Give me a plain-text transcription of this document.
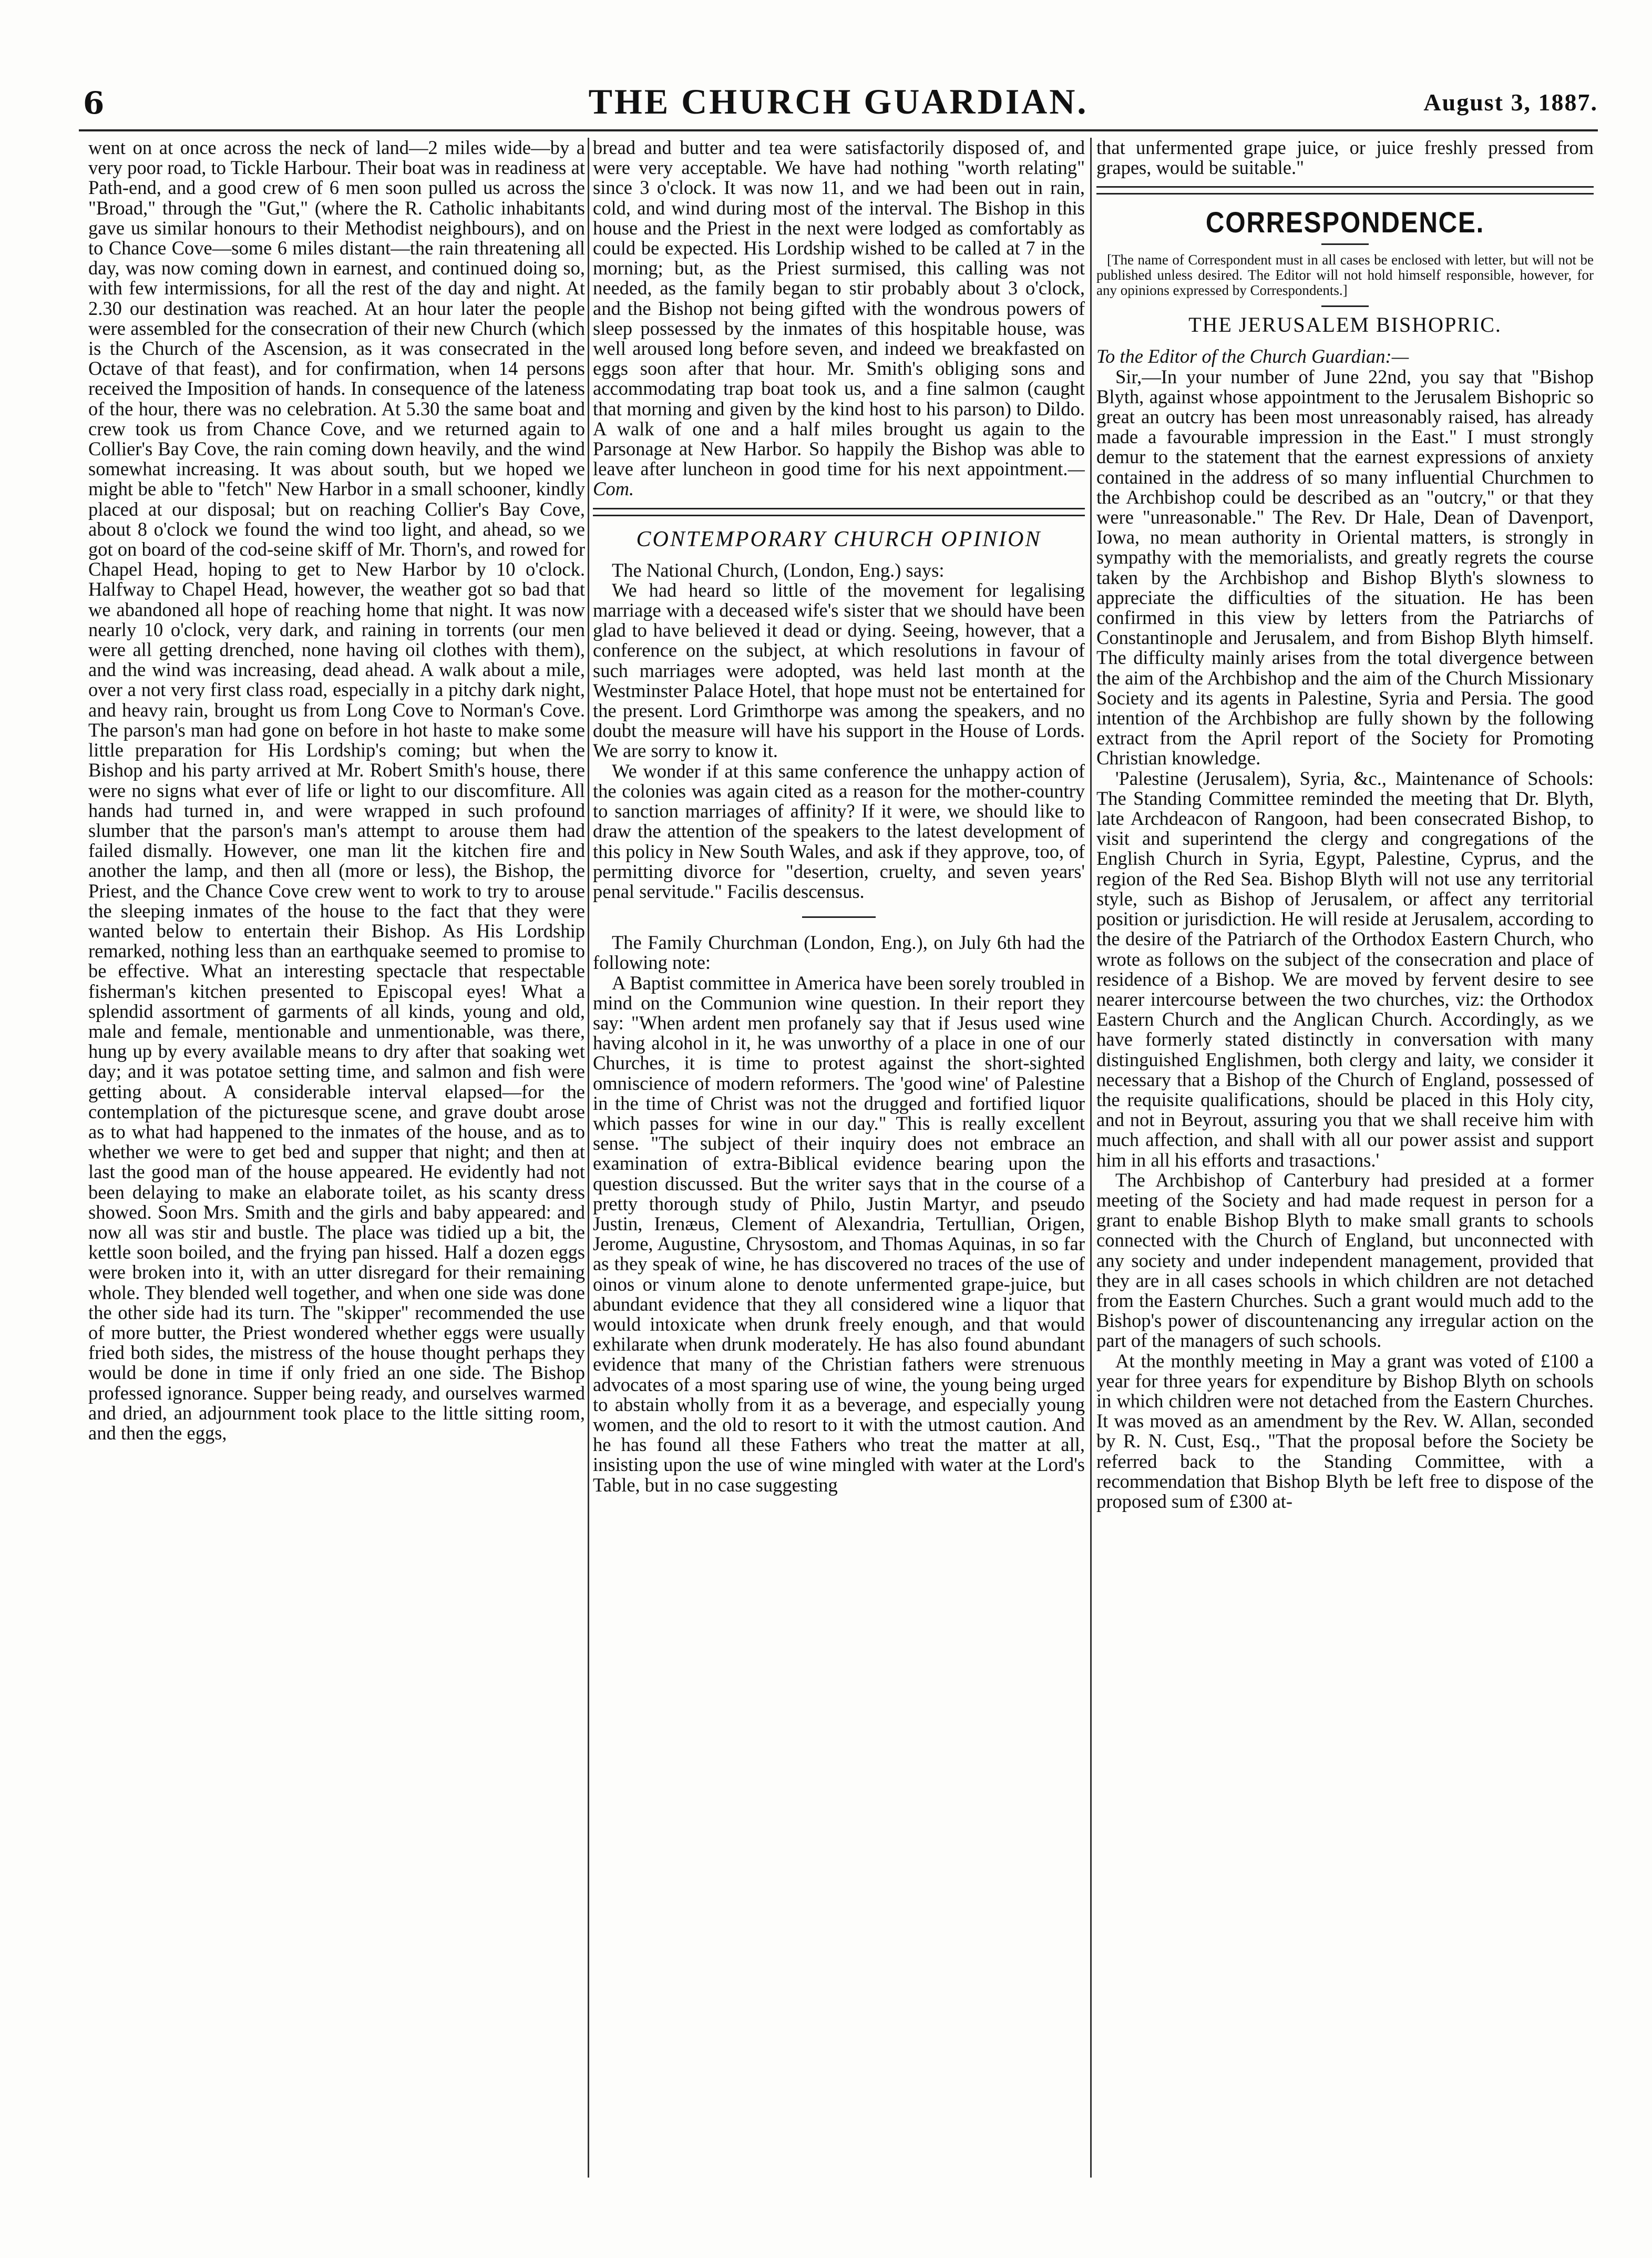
6	THE CHURCH GUARDIAN.	August 3, 1887.

went on at once across the neck of land—2 miles wide—by a very poor road, to Tickle Harbour. Their boat was in readiness at Path-end, and a good crew of 6 men soon pulled us across the "Broad," through the "Gut," (where the R. Catholic inhabitants gave us similar honours to their Methodist neighbours), and on to Chance Cove—some 6 miles distant—the rain threatening all day, was now coming down in earnest, and continued doing so, with few intermissions, for all the rest of the day and night. At 2.30 our destination was reached. At an hour later the people were assembled for the consecration of their new Church (which is the Church of the Ascension, as it was consecrated in the Octave of that feast), and for confirmation, when 14 persons received the Imposition of hands. In consequence of the lateness of the hour, there was no celebration. At 5.30 the same boat and crew took us from Chance Cove, and we returned again to Collier's Bay Cove, the rain coming down heavily, and the wind somewhat increasing. It was about south, but we hoped we might be able to "fetch" New Harbor in a small schooner, kindly placed at our disposal; but on reaching Collier's Bay Cove, about 8 o'clock we found the wind too light, and ahead, so we got on board of the cod-seine skiff of Mr. Thorn's, and rowed for Chapel Head, hoping to get to New Harbor by 10 o'clock. Halfway to Chapel Head, however, the weather got so bad that we abandoned all hope of reaching home that night. It was now nearly 10 o'clock, very dark, and raining in torrents (our men were all getting drenched, none having oil clothes with them), and the wind was increasing, dead ahead. A walk about a mile, over a not very first class road, especially in a pitchy dark night, and heavy rain, brought us from Long Cove to Norman's Cove. The parson's man had gone on before in hot haste to make some little preparation for His Lordship's coming; but when the Bishop and his party arrived at Mr. Robert Smith's house, there were no signs what ever of life or light to our discomfiture. All hands had turned in, and were wrapped in such profound slumber that the parson's man's attempt to arouse them had failed dismally. However, one man lit the kitchen fire and another the lamp, and then all (more or less), the Bishop, the Priest, and the Chance Cove crew went to work to try to arouse the sleeping inmates of the house to the fact that they were wanted below to entertain their Bishop. As His Lordship remarked, nothing less than an earthquake seemed to promise to be effective. What an interesting spectacle that respectable fisherman's kitchen presented to Episcopal eyes! What a splendid assortment of garments of all kinds, young and old, male and female, mentionable and unmentionable, was there, hung up by every available means to dry after that soaking wet day; and it was potatoe setting time, and salmon and fish were getting about. A considerable interval elapsed—for the contemplation of the picturesque scene, and grave doubt arose as to what had happened to the inmates of the house, and as to whether we were to get bed and supper that night; and then at last the good man of the house appeared. He evidently had not been delaying to make an elaborate toilet, as his scanty dress showed. Soon Mrs. Smith and the girls and baby appeared: and now all was stir and bustle. The place was tidied up a bit, the kettle soon boiled, and the frying pan hissed. Half a dozen eggs were broken into it, with an utter disregard for their remaining whole. They blended well together, and when one side was done the other side had its turn. The "skipper" recommended the use of more butter, the Priest wondered whether eggs were usually fried both sides, the mistress of the house thought perhaps they would be done in time if only fried an one side. The Bishop professed ignorance. Supper being ready, and ourselves warmed and dried, an adjournment took place to the little sitting room, and then the eggs,

bread and butter and tea were satisfactorily disposed of, and were very acceptable. We have had nothing "worth relating" since 3 o'clock. It was now 11, and we had been out in rain, cold, and wind during most of the interval. The Bishop in this house and the Priest in the next were lodged as comfortably as could be expected. His Lordship wished to be called at 7 in the morning; but, as the Priest surmised, this calling was not needed, as the family began to stir probably about 3 o'clock, and the Bishop not being gifted with the wondrous powers of sleep possessed by the inmates of this hospitable house, was well aroused long before seven, and indeed we breakfasted on eggs soon after that hour. Mr. Smith's obliging sons and accommodating trap boat took us, and a fine salmon (caught that morning and given by the kind host to his parson) to Dildo. A walk of one and a half miles brought us again to the Parsonage at New Harbor. So happily the Bishop was able to leave after luncheon in good time for his next appointment.—Com.

CONTEMPORARY CHURCH OPINION

The National Church, (London, Eng.) says:

We had heard so little of the movement for legalising marriage with a deceased wife's sister that we should have been glad to have believed it dead or dying. Seeing, however, that a conference on the subject, at which resolutions in favour of such marriages were adopted, was held last month at the Westminster Palace Hotel, that hope must not be entertained for the present. Lord Grimthorpe was among the speakers, and no doubt the measure will have his support in the House of Lords. We are sorry to know it.

We wonder if at this same conference the unhappy action of the colonies was again cited as a reason for the mother-country to sanction marriages of affinity? If it were, we should like to draw the attention of the speakers to the latest development of this policy in New South Wales, and ask if they approve, too, of permitting divorce for "desertion, cruelty, and seven years' penal servitude." Facilis descensus.

The Family Churchman (London, Eng.), on July 6th had the following note:

A Baptist committee in America have been sorely troubled in mind on the Communion wine question. In their report they say: "When ardent men profanely say that if Jesus used wine having alcohol in it, he was unworthy of a place in one of our Churches, it is time to protest against the short-sighted omniscience of modern reformers. The 'good wine' of Palestine in the time of Christ was not the drugged and fortified liquor which passes for wine in our day." This is really excellent sense. "The subject of their inquiry does not embrace an examination of extra-Biblical evidence bearing upon the question discussed. But the writer says that in the course of a pretty thorough study of Philo, Justin Martyr, and pseudo Justin, Irenæus, Clement of Alexandria, Tertullian, Origen, Jerome, Augustine, Chrysostom, and Thomas Aquinas, in so far as they speak of wine, he has discovered no traces of the use of oinos or vinum alone to denote unfermented grape-juice, but abundant evidence that they all considered wine a liquor that would intoxicate when drunk freely enough, and that would exhilarate when drunk moderately. He has also found abundant evidence that many of the Christian fathers were strenuous advocates of a most sparing use of wine, the young being urged to abstain wholly from it as a beverage, and especially young women, and the old to resort to it with the utmost caution. And he has found all these Fathers who treat the matter at all, insisting upon the use of wine mingled with water at the Lord's Table, but in no case suggesting

that unfermented grape juice, or juice freshly pressed from grapes, would be suitable."

CORRESPONDENCE.

[The name of Correspondent must in all cases be enclosed with letter, but will not be published unless desired. The Editor will not hold himself responsible, however, for any opinions expressed by Correspondents.]

THE JERUSALEM BISHOPRIC.

To the Editor of the Church Guardian:—

Sir,—In your number of June 22nd, you say that "Bishop Blyth, against whose appointment to the Jerusalem Bishopric so great an outcry has been most unreasonably raised, has already made a favourable impression in the East." I must strongly demur to the statement that the earnest expressions of anxiety contained in the address of so many influential Churchmen to the Archbishop could be described as an "outcry," or that they were "unreasonable." The Rev. Dr Hale, Dean of Davenport, Iowa, no mean authority in Oriental matters, is strongly in sympathy with the memorialists, and greatly regrets the course taken by the Archbishop and Bishop Blyth's slowness to appreciate the difficulties of the situation. He has been confirmed in this view by letters from the Patriarchs of Constantinople and Jerusalem, and from Bishop Blyth himself. The difficulty mainly arises from the total divergence between the aim of the Archbishop and the aim of the Church Missionary Society and its agents in Palestine, Syria and Persia. The good intention of the Archbishop are fully shown by the following extract from the April report of the Society for Promoting Christian knowledge.

'Palestine (Jerusalem), Syria, &c., Maintenance of Schools: The Standing Committee reminded the meeting that Dr. Blyth, late Archdeacon of Rangoon, had been consecrated Bishop, to visit and superintend the clergy and congregations of the English Church in Syria, Egypt, Palestine, Cyprus, and the region of the Red Sea. Bishop Blyth will not use any territorial style, such as Bishop of Jerusalem, or affect any territorial position or jurisdiction. He will reside at Jerusalem, according to the desire of the Patriarch of the Orthodox Eastern Church, who wrote as follows on the subject of the consecration and place of residence of a Bishop. We are moved by fervent desire to see nearer intercourse between the two churches, viz: the Orthodox Eastern Church and the Anglican Church. Accordingly, as we have formerly stated distinctly in conversation with many distinguished Englishmen, both clergy and laity, we consider it necessary that a Bishop of the Church of England, possessed of the requisite qualifications, should be placed in this Holy city, and not in Beyrout, assuring you that we shall receive him with much affection, and shall with all our power assist and support him in all his efforts and trasactions.'

The Archbishop of Canterbury had presided at a former meeting of the Society and had made request in person for a grant to enable Bishop Blyth to make small grants to schools connected with the Church of England, but unconnected with any society and under independent management, provided that they are in all cases schools in which children are not detached from the Eastern Churches. Such a grant would much add to the Bishop's power of discountenancing any irregular action on the part of the managers of such schools.

At the monthly meeting in May a grant was voted of £100 a year for three years for expenditure by Bishop Blyth on schools in which children were not detached from the Eastern Churches. It was moved as an amendment by the Rev. W. Allan, seconded by R. N. Cust, Esq., "That the proposal before the Society be referred back to the Standing Committee, with a recommendation that Bishop Blyth be left free to dispose of the proposed sum of £300 at-
